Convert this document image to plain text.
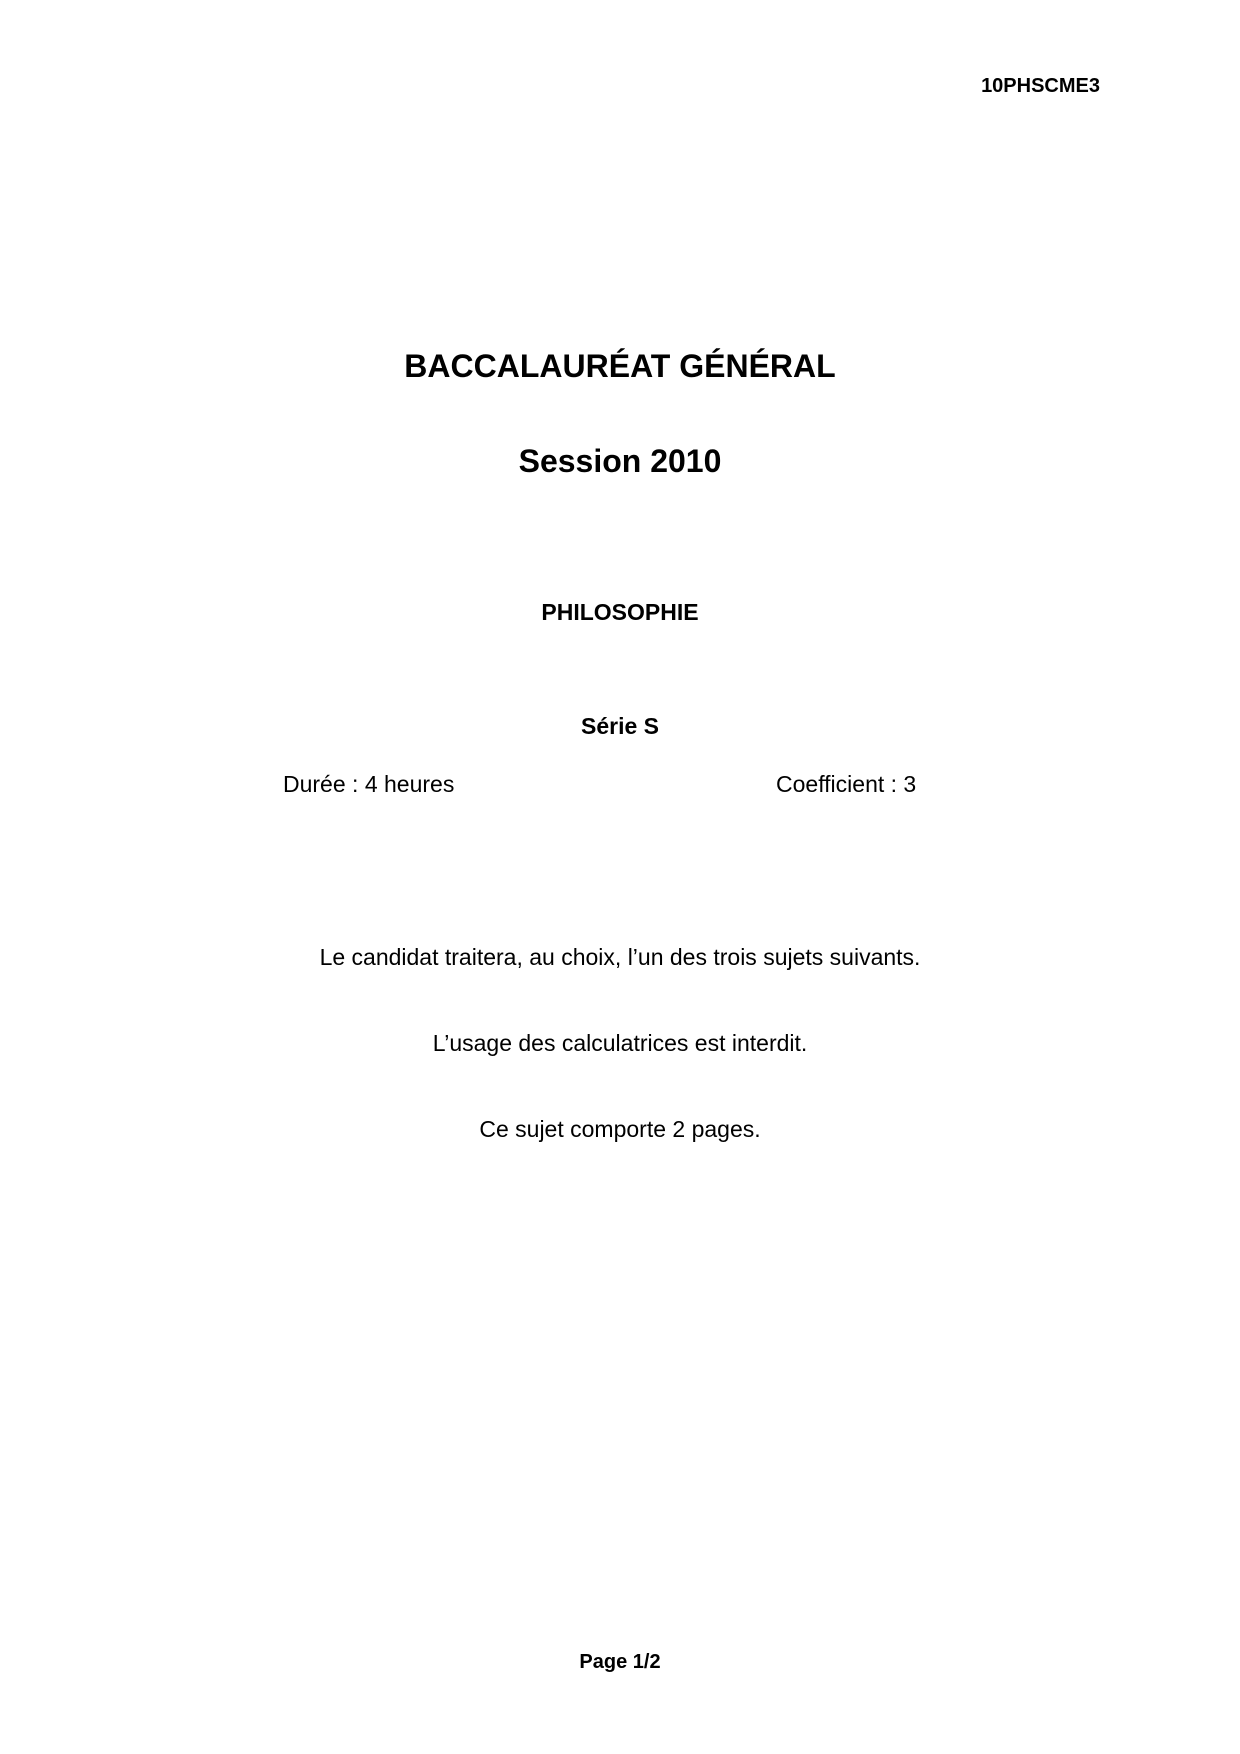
10PHSCME3
BACCALAURÉAT GÉNÉRAL
Session 2010
PHILOSOPHIE
Série S
Durée : 4 heures	Coefficient : 3
Le candidat traitera, au choix, l’un des trois sujets suivants.
L’usage des calculatrices est interdit.
Ce sujet comporte 2 pages.
Page 1/2
